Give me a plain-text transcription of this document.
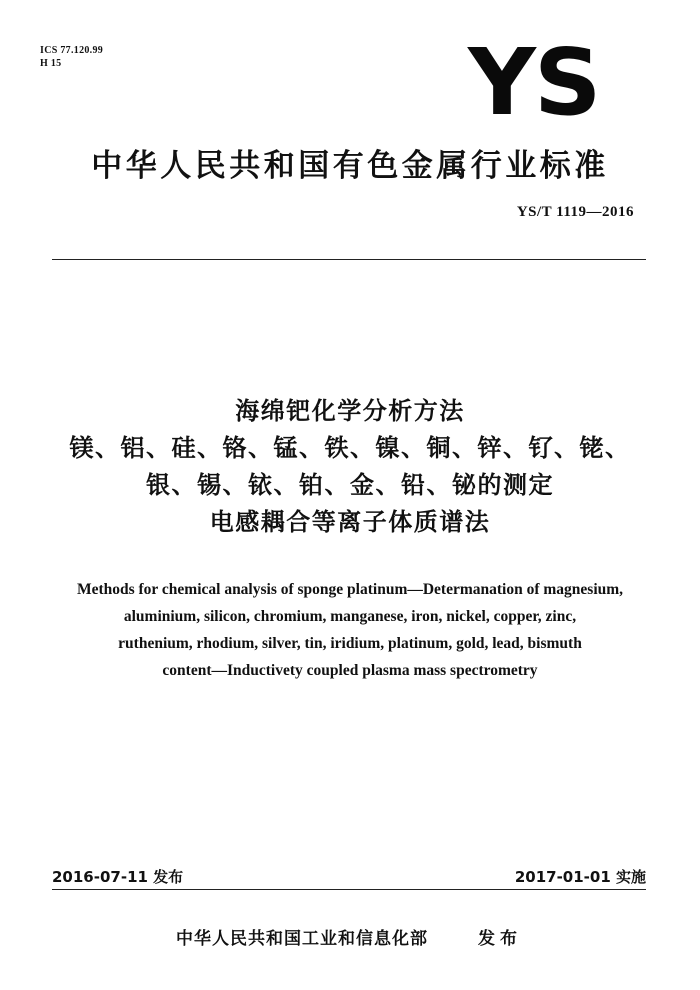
ICS 77.120.99
H 15	YS
中华人民共和国有色金属行业标准
YS/T 1119—2016
海绵钯化学分析方法
镁、铝、硅、铬、锰、铁、镍、铜、锌、钌、铑、
银、锡、铱、铂、金、铅、铋的测定
电感耦合等离子体质谱法
Methods for chemical analysis of sponge platinum—Determanation of magnesium,
aluminium, silicon, chromium, manganese, iron, nickel, copper, zinc,
ruthenium, rhodium, silver, tin, iridium, platinum, gold, lead, bismuth
content—Inductivety coupled plasma mass spectrometry
2016-07-11 发布	2017-01-01 实施
中华人民共和国工业和信息化部	发布
